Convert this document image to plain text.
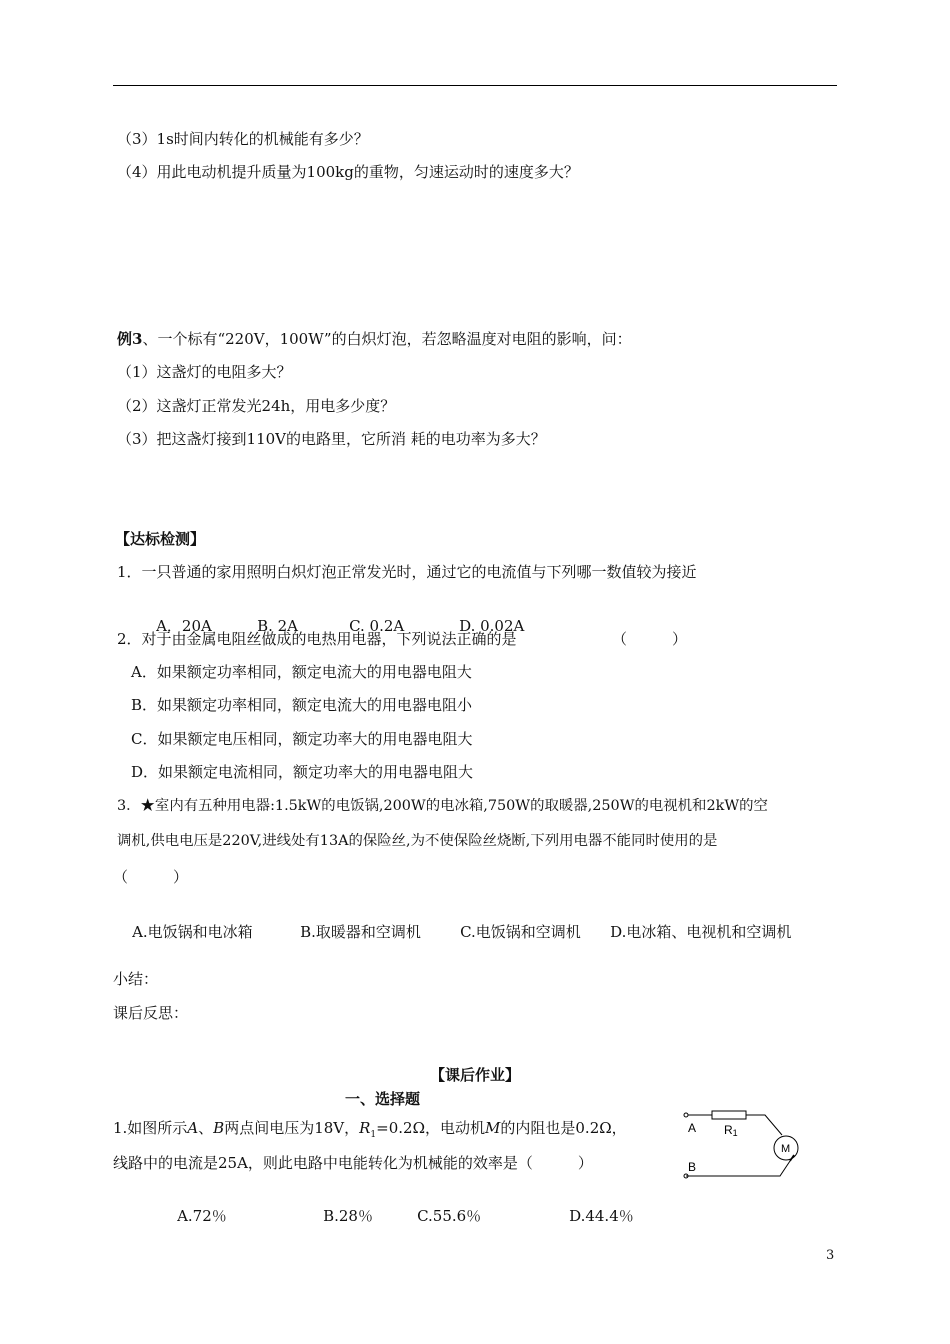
（3）1s时间内转化的机械能有多少？
（4）用此电动机提升质量为100kg的重物，匀速运动时的速度多大？
例3、一个标有“220V，100W”的白炽灯泡，若忽略温度对电阻的影响，问：
（1）这盏灯的电阻多大？
（2）这盏灯正常发光24h，用电多少度？
（3）把这盏灯接到110V的电路里，它所消 耗的电功率为多大？
【达标检测】
1．一只普通的家用照明白炽灯泡正常发光时，通过它的电流值与下列哪一数值较为接近

A．20A	B. 2A	C. 0.2A	D. 0.02A

2．对于由金属电阻丝做成的电热用电器，下列说法正确的是	（　　　）
A．如果额定功率相同，额定电流大的用电器电阻大
B．如果额定功率相同，额定电流大的用电器电阻小
C．如果额定电压相同，额定功率大的用电器电阻大
D．如果额定电流相同，额定功率大的用电器电阻大
3．★室内有五种用电器:1.5kW的电饭锅,200W的电冰箱,750W的取暖器,250W的电视机和2kW的空
调机,供电电压是220V,进线处有13A的保险丝,为不使保险丝烧断,下列用电器不能同时使用的是
（　　　）

A.电饭锅和电冰箱	B.取暖器和空调机	C.电饭锅和空调机 D.电冰箱、电视机和空调机

小结：
课后反思：
【课后作业】
一、选择题
1.如图所示A、B两点间电压为18V，$R_1=0.2\Omega$，电动机M的内阻也是0.2Ω，
线路中的电流是25A，则此电路中电能转化为机械能的效率是（　　　）

A.72％	B.28％	C.55.6％	D.44.4％

A
B
R1
M
3
